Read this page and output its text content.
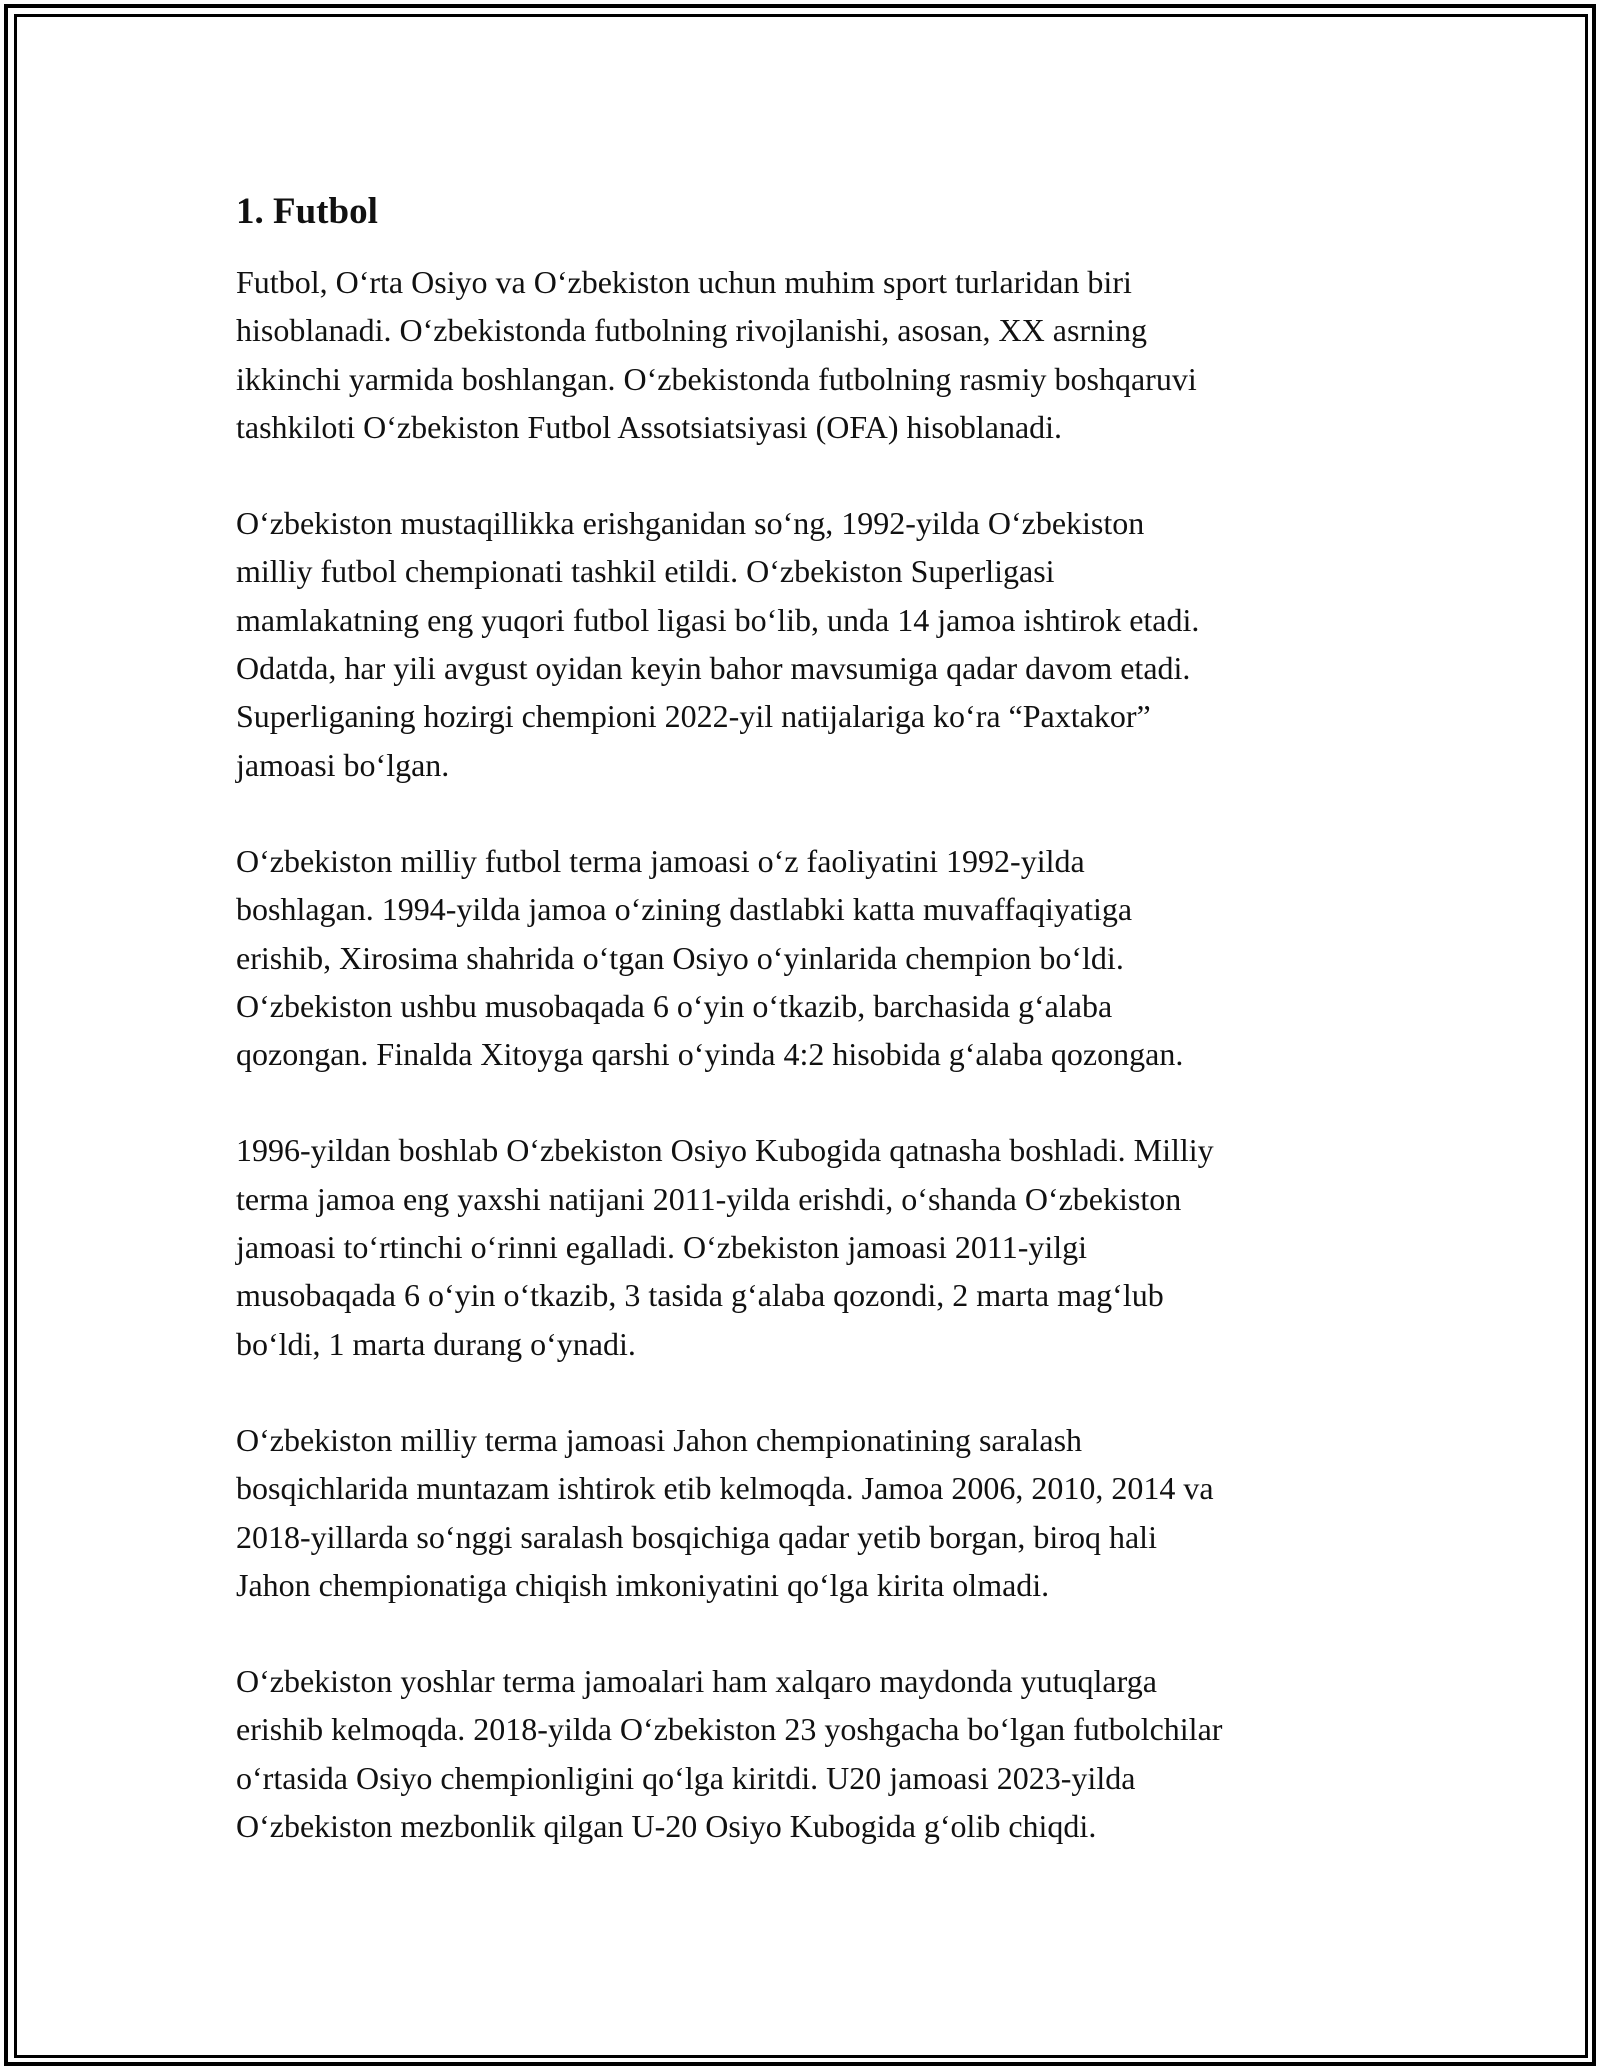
1. Futbol

Futbol, Oʻrta Osiyo va Oʻzbekiston uchun muhim sport turlaridan biri
hisoblanadi. Oʻzbekistonda futbolning rivojlanishi, asosan, XX asrning
ikkinchi yarmida boshlangan. Oʻzbekistonda futbolning rasmiy boshqaruvi
tashkiloti Oʻzbekiston Futbol Assotsiatsiyasi (OFA) hisoblanadi.

Oʻzbekiston mustaqillikka erishganidan soʻng, 1992-yilda Oʻzbekiston
milliy futbol chempionati tashkil etildi. Oʻzbekiston Superligasi
mamlakatning eng yuqori futbol ligasi boʻlib, unda 14 jamoa ishtirok etadi.
Odatda, har yili avgust oyidan keyin bahor mavsumiga qadar davom etadi.
Superliganing hozirgi chempioni 2022-yil natijalariga koʻra “Paxtakor”
jamoasi boʻlgan.

Oʻzbekiston milliy futbol terma jamoasi oʻz faoliyatini 1992-yilda
boshlagan. 1994-yilda jamoa oʻzining dastlabki katta muvaffaqiyatiga
erishib, Xirosima shahrida oʻtgan Osiyo oʻyinlarida chempion boʻldi.
Oʻzbekiston ushbu musobaqada 6 oʻyin oʻtkazib, barchasida gʻalaba
qozongan. Finalda Xitoyga qarshi oʻyinda 4:2 hisobida gʻalaba qozongan.

1996-yildan boshlab Oʻzbekiston Osiyo Kubogida qatnasha boshladi. Milliy
terma jamoa eng yaxshi natijani 2011-yilda erishdi, oʻshanda Oʻzbekiston
jamoasi toʻrtinchi oʻrinni egalladi. Oʻzbekiston jamoasi 2011-yilgi
musobaqada 6 oʻyin oʻtkazib, 3 tasida gʻalaba qozondi, 2 marta magʻlub
boʻldi, 1 marta durang oʻynadi.

Oʻzbekiston milliy terma jamoasi Jahon chempionatining saralash
bosqichlarida muntazam ishtirok etib kelmoqda. Jamoa 2006, 2010, 2014 va
2018-yillarda soʻnggi saralash bosqichiga qadar yetib borgan, biroq hali
Jahon chempionatiga chiqish imkoniyatini qoʻlga kirita olmadi.

Oʻzbekiston yoshlar terma jamoalari ham xalqaro maydonda yutuqlarga
erishib kelmoqda. 2018-yilda Oʻzbekiston 23 yoshgacha boʻlgan futbolchilar
oʻrtasida Osiyo chempionligini qoʻlga kiritdi. U20 jamoasi 2023-yilda
Oʻzbekiston mezbonlik qilgan U-20 Osiyo Kubogida gʻolib chiqdi.
